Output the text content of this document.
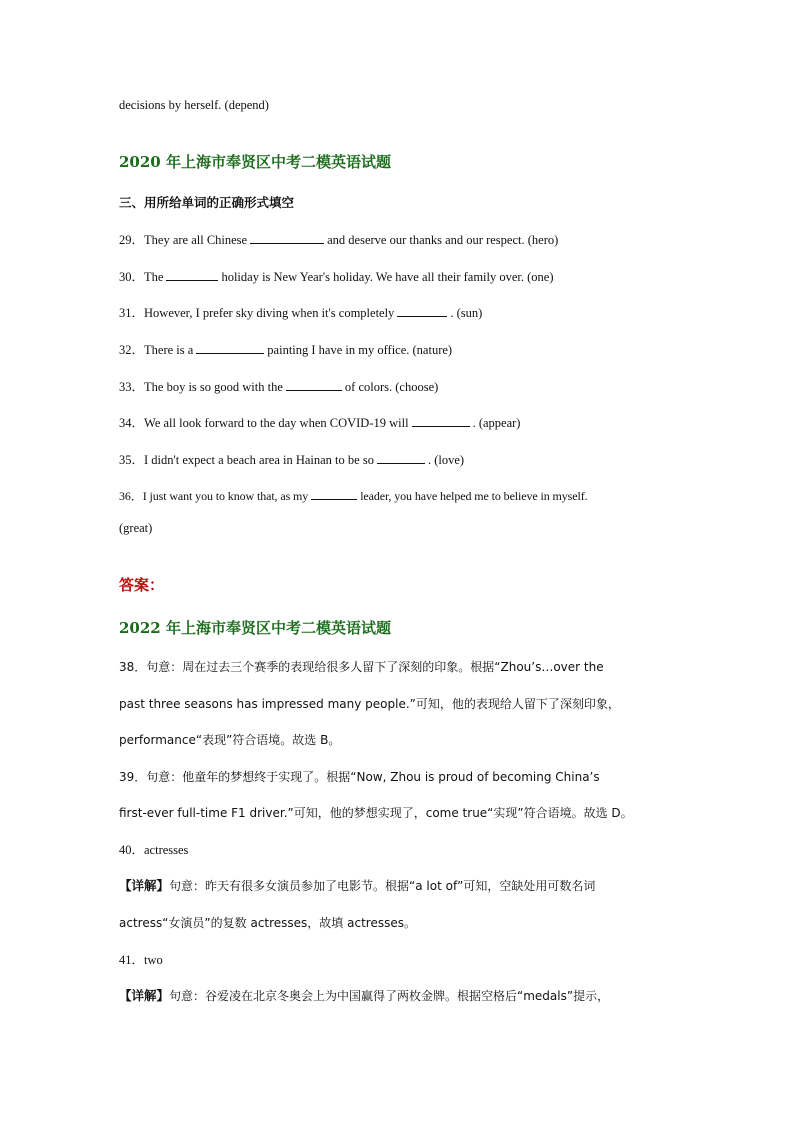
decisions by herself. (depend)
2020 年上海市奉贤区中考二模英语试题
三、用所给单词的正确形式填空
29．They are all Chinese	and deserve our thanks and our respect. (hero)
30．The	holiday is New Year's holiday. We have all their family over. (one)
31．However, I prefer sky diving when it's completely	. (sun)
32．There is a	painting I have in my office. (nature)
33．The boy is so good with the	of colors. (choose)
34．We all look forward to the day when COVID-19 will	. (appear)
35．I didn't expect a beach area in Hainan to be so	. (love)
36．I just want you to know that, as my	leader, you have helped me to believe in myself.
(great)
答案：
2022 年上海市奉贤区中考二模英语试题
38．句意：周在过去三个赛季的表现给很多人留下了深刻的印象。根据“Zhou’s…over the
past three seasons has impressed many people.”可知，他的表现给人留下了深刻印象，
performance“表现”符合语境。故选 B。
39．句意：他童年的梦想终于实现了。根据“Now, Zhou is proud of becoming China’s
first-ever full-time F1 driver.”可知，他的梦想实现了，come true“实现”符合语境。故选 D。
40．actresses
【详解】句意：昨天有很多女演员参加了电影节。根据“a lot of”可知，空缺处用可数名词
actress“女演员”的复数 actresses，故填 actresses。
41．two
【详解】句意：谷爱凌在北京冬奥会上为中国赢得了两枚金牌。根据空格后“medals”提示，
